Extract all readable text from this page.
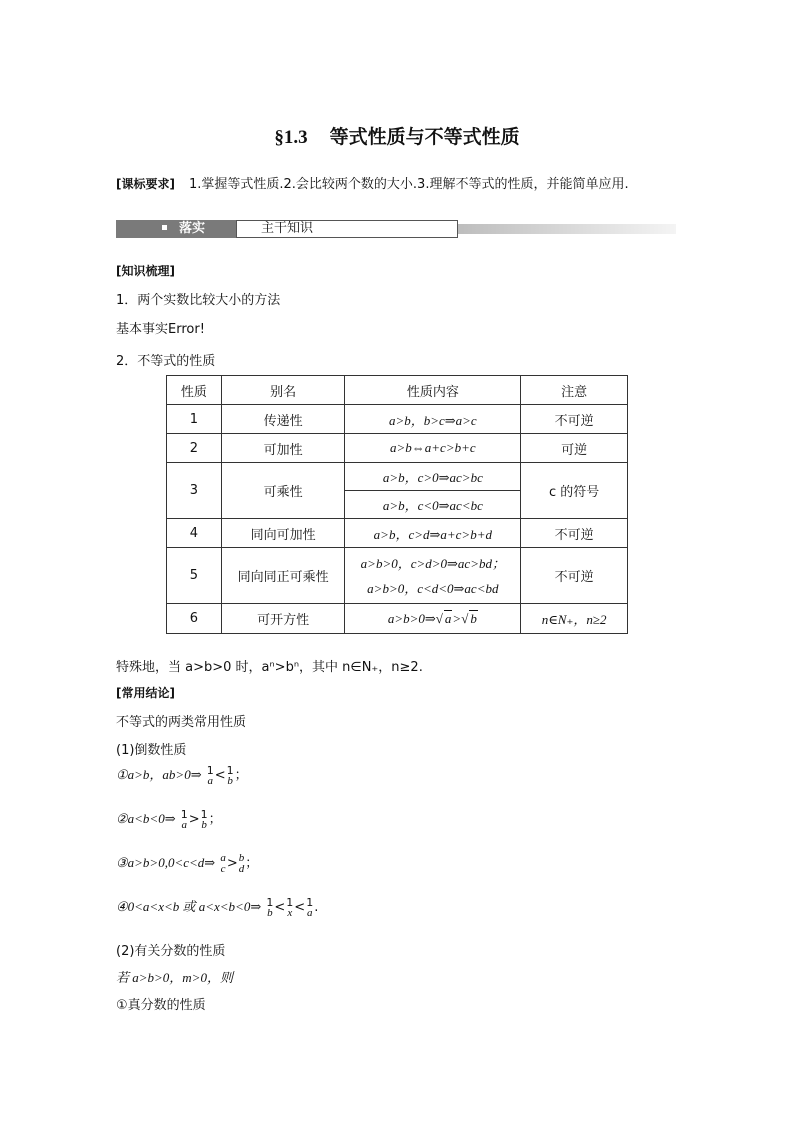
§1.3 等式性质与不等式性质
[课标要求] 1.掌握等式性质.2.会比较两个数的大小.3.理解不等式的性质，并能简单应用.
落实	主干知识
[知识梳理]
1．两个实数比较大小的方法
基本事实Error!
2．不等式的性质
性质	别名	性质内容	注意
1	传递性	a>b，b>c⇒a>c	不可逆
2	可加性	a>b⇔a+c>b+c	可逆
3	可乘性	a>b，c>0⇒ac>bc	c 的符号
		a>b，c<0⇒ac<bc	
4	同向可加性	a>b，c>d⇒a+c>b+d	不可逆
5	同向同正可乘性	a>b>0，c>d>0⇒ac>bd；
a>b>0，c<d<0⇒ac<bd	不可逆
6	可开方性	a>b>0⇒√ a>√ b	n∈N₊，n≥2
特殊地，当 a>b>0 时，aⁿ>bⁿ，其中 n∈N₊，n≥2.
[常用结论]
不等式的两类常用性质
(1)倒数性质
①a>b，ab>0⇒ 1
a < 1
b ；
②a<b<0⇒ 1
a > 1
b ；
③a>b>0,0<c<d⇒ a
c > b
d ；
④0<a<x<b 或 a<x<b<0⇒ 1
b < 1
x < 1
a .
(2)有关分数的性质
若 a>b>0，m>0，则
①真分数的性质
